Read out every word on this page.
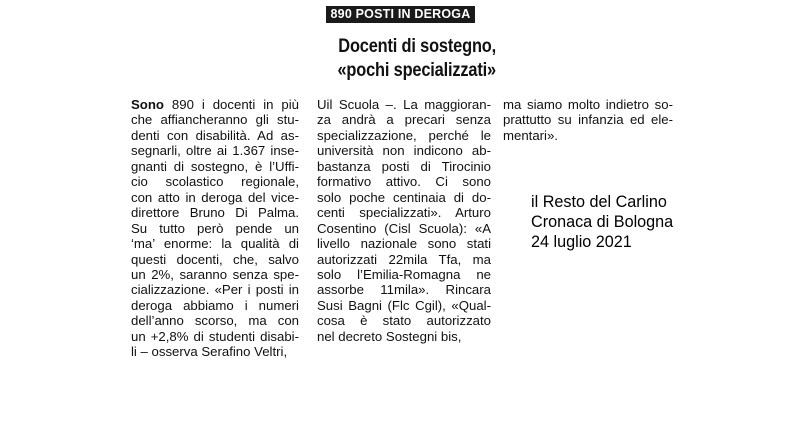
890 POSTI IN DEROGA
Docenti di sostegno,
«pochi specializzati»
Sono 890 i docenti in più
che affiancheranno gli stu-
denti con disabilità. Ad as-
segnarli, oltre ai 1.367 inse-
gnanti di sostegno, è l’Uffi-
cio scolastico regionale,
con atto in deroga del vice-
direttore Bruno Di Palma.
Su tutto però pende un
‘ma’ enorme: la qualità di
questi docenti, che, salvo
un 2%, saranno senza spe-
cializzazione. «Per i posti in
deroga abbiamo i numeri
dell’anno scorso, ma con
un +2,8% di studenti disabi-
li – osserva Serafino Veltri,
Uil Scuola –. La maggioran-
za andrà a precari senza
specializzazione, perché le
università non indicono ab-
bastanza posti di Tirocinio
formativo attivo. Ci sono
solo poche centinaia di do-
centi specializzati». Arturo
Cosentino (Cisl Scuola): «A
livello nazionale sono stati
autorizzati 22mila Tfa, ma
solo l’Emilia-Romagna ne
assorbe 11mila». Rincara
Susi Bagni (Flc Cgil), «Qual-
cosa è stato autorizzato
nel decreto Sostegni bis,
ma siamo molto indietro so-
prattutto su infanzia ed ele-
mentari».
il Resto del Carlino
Cronaca di Bologna
24 luglio 2021
